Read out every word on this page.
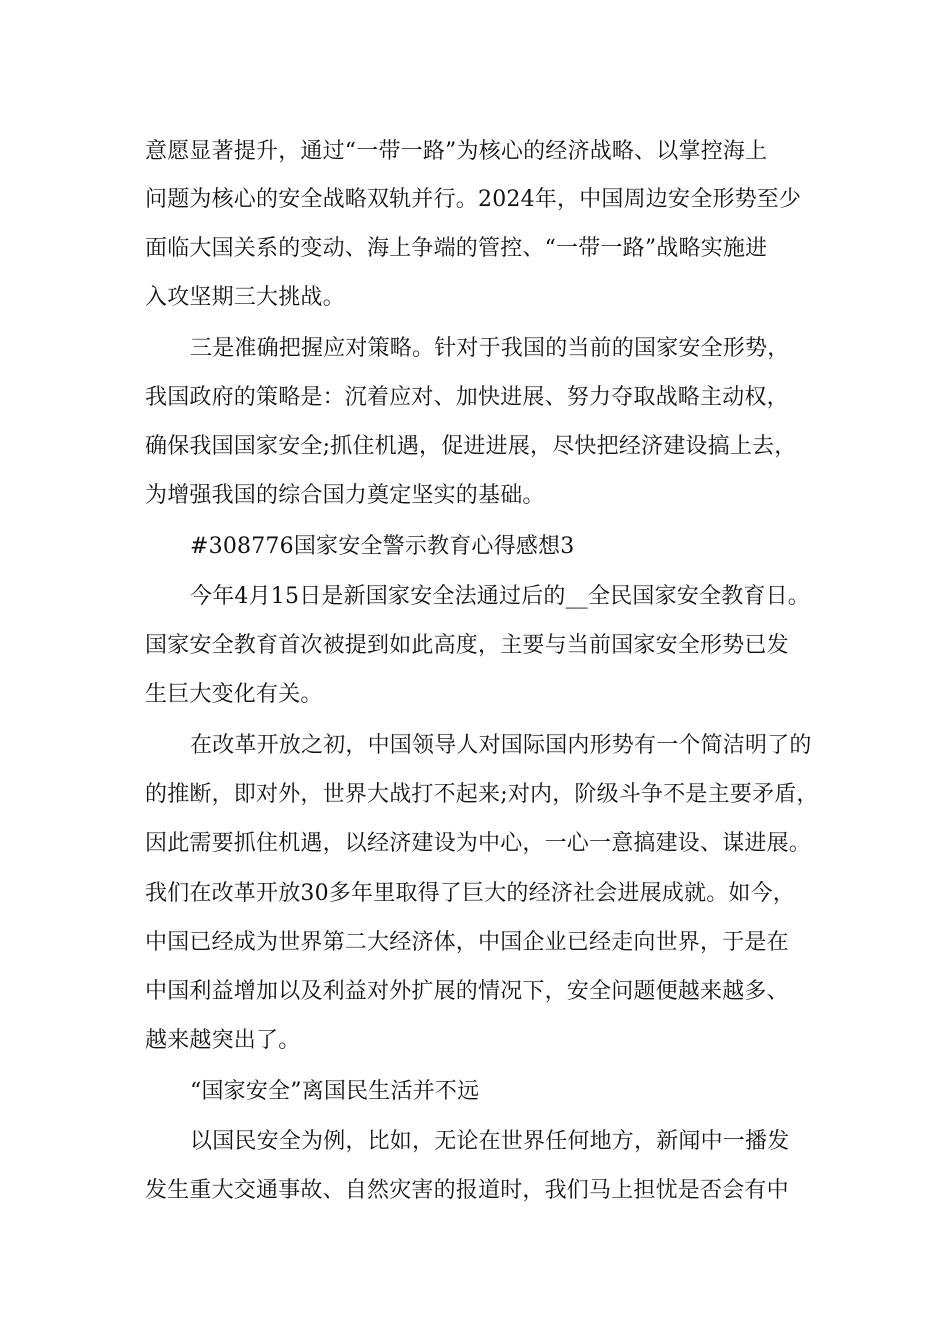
意愿显著提升，通过“一带一路”为核心的经济战略、以掌控海上
问题为核心的安全战略双轨并行。2024年，中国周边安全形势至少
面临大国关系的变动、海上争端的管控、“一带一路”战略实施进
入攻坚期三大挑战。
三是准确把握应对策略。针对于我国的当前的国家安全形势，
我国政府的策略是：沉着应对、加快进展、努力夺取战略主动权，
确保我国国家安全;抓住机遇，促进进展，尽快把经济建设搞上去，
为增强我国的综合国力奠定坚实的基础。
#308776国家安全警示教育心得感想3
今年4月15日是新国家安全法通过后的__全民国家安全教育日。
国家安全教育首次被提到如此高度，主要与当前国家安全形势已发
生巨大变化有关。
在改革开放之初，中国领导人对国际国内形势有一个简洁明了的
的推断，即对外，世界大战打不起来;对内，阶级斗争不是主要矛盾，
因此需要抓住机遇，以经济建设为中心，一心一意搞建设、谋进展。
我们在改革开放30多年里取得了巨大的经济社会进展成就。如今，
中国已经成为世界第二大经济体，中国企业已经走向世界，于是在
中国利益增加以及利益对外扩展的情况下，安全问题便越来越多、
越来越突出了。
“国家安全”离国民生活并不远
以国民安全为例，比如，无论在世界任何地方，新闻中一播发
发生重大交通事故、自然灾害的报道时，我们马上担忧是否会有中
